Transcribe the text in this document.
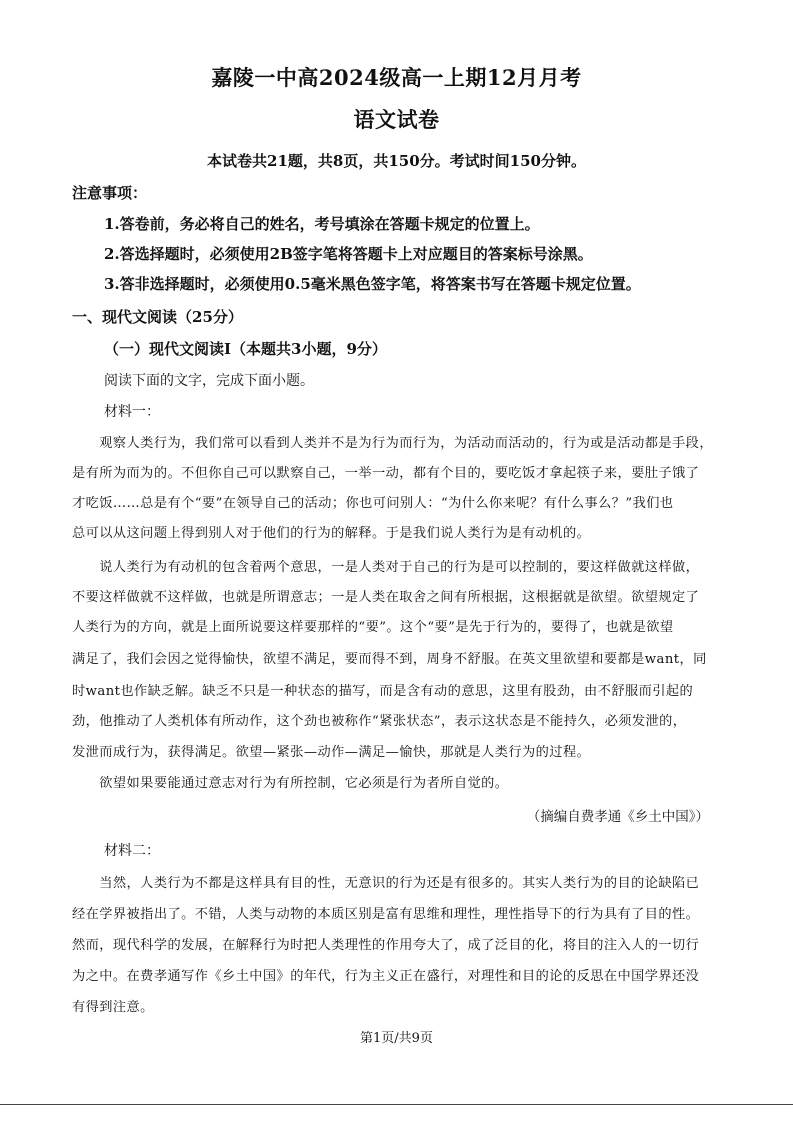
嘉陵一中高2024级高一上期12月月考
语文试卷
本试卷共21题，共8页，共150分。考试时间150分钟。
注意事项：
1.答卷前，务必将自己的姓名，考号填涂在答题卡规定的位置上。
2.答选择题时，必须使用2B签字笔将答题卡上对应题目的答案标号涂黑。
3.答非选择题时，必须使用0.5毫米黑色签字笔，将答案书写在答题卡规定位置。
一、现代文阅读（25分）
（一）现代文阅读Ⅰ（本题共3小题，9分）
阅读下面的文字，完成下面小题。
材料一：
　　观察人类行为，我们常可以看到人类并不是为行为而行为，为活动而活动的，行为或是活动都是手段，
是有所为而为的。不但你自己可以默察自己，一举一动，都有个目的，要吃饭才拿起筷子来，要肚子饿了
才吃饭……总是有个“要”在领导自己的活动；你也可问别人：“为什么你来呢？有什么事么？”我们也
总可以从这问题上得到别人对于他们的行为的解释。于是我们说人类行为是有动机的。
　　说人类行为有动机的包含着两个意思，一是人类对于自己的行为是可以控制的，要这样做就这样做，
不要这样做就不这样做，也就是所谓意志；一是人类在取舍之间有所根据，这根据就是欲望。欲望规定了
人类行为的方向，就是上面所说要这样要那样的“要”。这个“要”是先于行为的，要得了，也就是欲望
满足了，我们会因之觉得愉快，欲望不满足，要而得不到，周身不舒服。在英文里欲望和要都是want，同
时want也作缺乏解。缺乏不只是一种状态的描写，而是含有动的意思，这里有股劲，由不舒服而引起的
劲，他推动了人类机体有所动作，这个劲也被称作“紧张状态”，表示这状态是不能持久，必须发泄的，
发泄而成行为，获得满足。欲望—紧张—动作—满足—愉快，那就是人类行为的过程。
　　欲望如果要能通过意志对行为有所控制，它必须是行为者所自觉的。
（摘编自费孝通《乡土中国》）
材料二：
　　当然，人类行为不都是这样具有目的性，无意识的行为还是有很多的。其实人类行为的目的论缺陷已
经在学界被指出了。不错，人类与动物的本质区别是富有思维和理性，理性指导下的行为具有了目的性。
然而，现代科学的发展，在解释行为时把人类理性的作用夸大了，成了泛目的化，将目的注入人的一切行
为之中。在费孝通写作《乡土中国》的年代，行为主义正在盛行，对理性和目的论的反思在中国学界还没
有得到注意。
第1页/共9页
